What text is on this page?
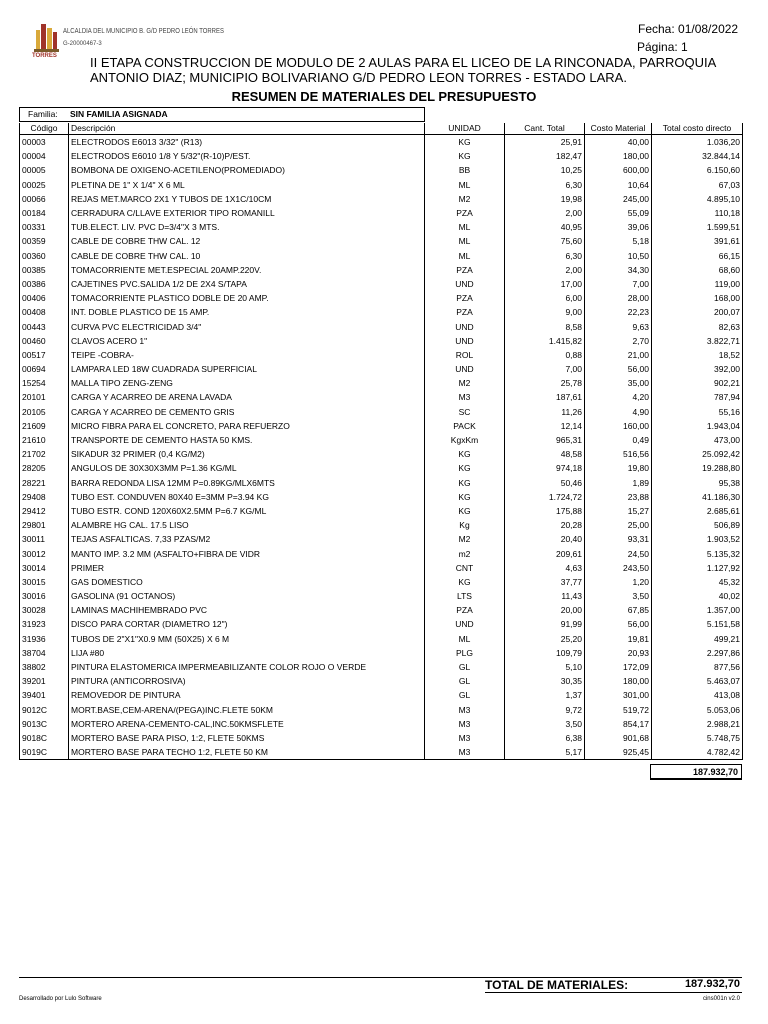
ALCALDIA DEL MUNICIPIO B. G/D PEDRO LEÓN TORRES
G-20000467-3
TORRES
Fecha: 01/08/2022
Página: 1
II ETAPA CONSTRUCCION DE MODULO DE 2 AULAS PARA EL LICEO DE LA RINCONADA, PARROQUIA ANTONIO DIAZ; MUNICIPIO BOLIVARIANO G/D PEDRO LEON TORRES - ESTADO LARA.
RESUMEN DE MATERIALES DEL PRESUPUESTO
Familia: SIN FAMILIA ASIGNADA
Código	Descripción	UNIDAD	Cant. Total	Costo Material	Total costo directo
00003	ELECTRODOS E6013 3/32" (R13)	KG	25,91	40,00	1.036,20
00004	ELECTRODOS E6010 1/8 Y 5/32"(R-10)P/EST.	KG	182,47	180,00	32.844,14
00005	BOMBONA DE OXIGENO-ACETILENO(PROMEDIADO)	BB	10,25	600,00	6.150,60
00025	PLETINA DE 1" X 1/4" X 6 ML	ML	6,30	10,64	67,03
00066	REJAS MET.MARCO 2X1 Y TUBOS DE 1X1C/10CM	M2	19,98	245,00	4.895,10
00184	CERRADURA C/LLAVE EXTERIOR TIPO ROMANILL	PZA	2,00	55,09	110,18
00331	TUB.ELECT. LIV. PVC D=3/4"X 3 MTS.	ML	40,95	39,06	1.599,51
00359	CABLE DE COBRE THW CAL. 12	ML	75,60	5,18	391,61
00360	CABLE DE COBRE THW CAL. 10	ML	6,30	10,50	66,15
00385	TOMACORRIENTE MET.ESPECIAL 20AMP.220V.	PZA	2,00	34,30	68,60
00386	CAJETINES PVC.SALIDA 1/2 DE 2X4 S/TAPA	UND	17,00	7,00	119,00
00406	TOMACORRIENTE PLASTICO DOBLE DE 20 AMP.	PZA	6,00	28,00	168,00
00408	INT. DOBLE PLASTICO DE 15 AMP.	PZA	9,00	22,23	200,07
00443	CURVA PVC ELECTRICIDAD 3/4"	UND	8,58	9,63	82,63
00460	CLAVOS ACERO 1"	UND	1.415,82	2,70	3.822,71
00517	TEIPE -COBRA-	ROL	0,88	21,00	18,52
00694	LAMPARA LED 18W CUADRADA SUPERFICIAL	UND	7,00	56,00	392,00
15254	MALLA TIPO ZENG-ZENG	M2	25,78	35,00	902,21
20101	CARGA Y ACARREO DE ARENA LAVADA	M3	187,61	4,20	787,94
20105	CARGA Y ACARREO DE CEMENTO GRIS	SC	11,26	4,90	55,16
21609	MICRO FIBRA PARA EL CONCRETO, PARA REFUERZO	PACK	12,14	160,00	1.943,04
21610	TRANSPORTE DE CEMENTO HASTA 50 KMS.	KgxKm	965,31	0,49	473,00
21702	SIKADUR 32 PRIMER (0,4 KG/M2)	KG	48,58	516,56	25.092,42
28205	ANGULOS DE 30X30X3MM P=1.36 KG/ML	KG	974,18	19,80	19.288,80
28221	BARRA REDONDA LISA 12MM P=0.89KG/MLX6MTS	KG	50,46	1,89	95,38
29408	TUBO EST. CONDUVEN 80X40 E=3MM P=3.94 KG	KG	1.724,72	23,88	41.186,30
29412	TUBO ESTR. COND 120X60X2.5MM P=6.7 KG/ML	KG	175,88	15,27	2.685,61
29801	ALAMBRE HG CAL. 17.5 LISO	Kg	20,28	25,00	506,89
30011	TEJAS ASFALTICAS. 7,33 PZAS/M2	M2	20,40	93,31	1.903,52
30012	MANTO IMP. 3.2 MM (ASFALTO+FIBRA DE VIDR	m2	209,61	24,50	5.135,32
30014	PRIMER	CNT	4,63	243,50	1.127,92
30015	GAS DOMESTICO	KG	37,77	1,20	45,32
30016	GASOLINA (91 OCTANOS)	LTS	11,43	3,50	40,02
30028	LAMINAS MACHIHEMBRADO PVC	PZA	20,00	67,85	1.357,00
31923	DISCO PARA CORTAR (DIAMETRO 12")	UND	91,99	56,00	5.151,58
31936	TUBOS DE 2"X1"X0.9 MM (50X25) X 6 M	ML	25,20	19,81	499,21
38704	LIJA #80	PLG	109,79	20,93	2.297,86
38802	PINTURA ELASTOMERICA IMPERMEABILIZANTE COLOR ROJO O VERDE	GL	5,10	172,09	877,56
39201	PINTURA (ANTICORROSIVA)	GL	30,35	180,00	5.463,07
39401	REMOVEDOR DE PINTURA	GL	1,37	301,00	413,08
9012C	MORT.BASE,CEM-ARENA/(PEGA)INC.FLETE 50KM	M3	9,72	519,72	5.053,06
9013C	MORTERO ARENA-CEMENTO-CAL,INC.50KMSFLETE	M3	3,50	854,17	2.988,21
9018C	MORTERO BASE PARA PISO, 1:2, FLETE 50KMS	M3	6,38	901,68	5.748,75
9019C	MORTERO BASE PARA TECHO 1:2, FLETE 50 KM	M3	5,17	925,45	4.782,42
187.932,70
TOTAL DE MATERIALES:	187.932,70
Desarrollado por Lulo Software	cins001n v2.0
